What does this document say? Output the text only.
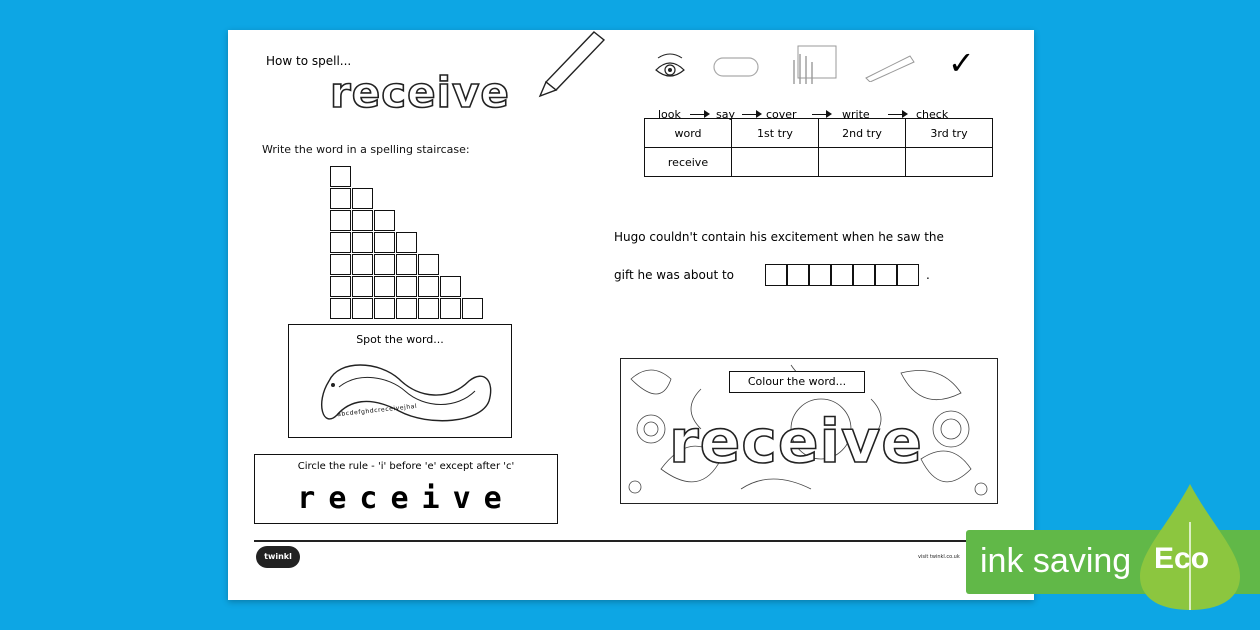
How to spell...
receive
Write the word in a spelling staircase:
Spot the word...
abcdefghdcreceivejhal
Circle the rule - 'i' before 'e' except after 'c'
receive
✓
look	say	cover	write	check
word	1st try	2nd try	3rd try
receive			
Hugo couldn't contain his excitement when he saw the
gift he was about to	.
Colour the word...
receive
twinkl	visit twinkl.co.uk ink saving Eco
